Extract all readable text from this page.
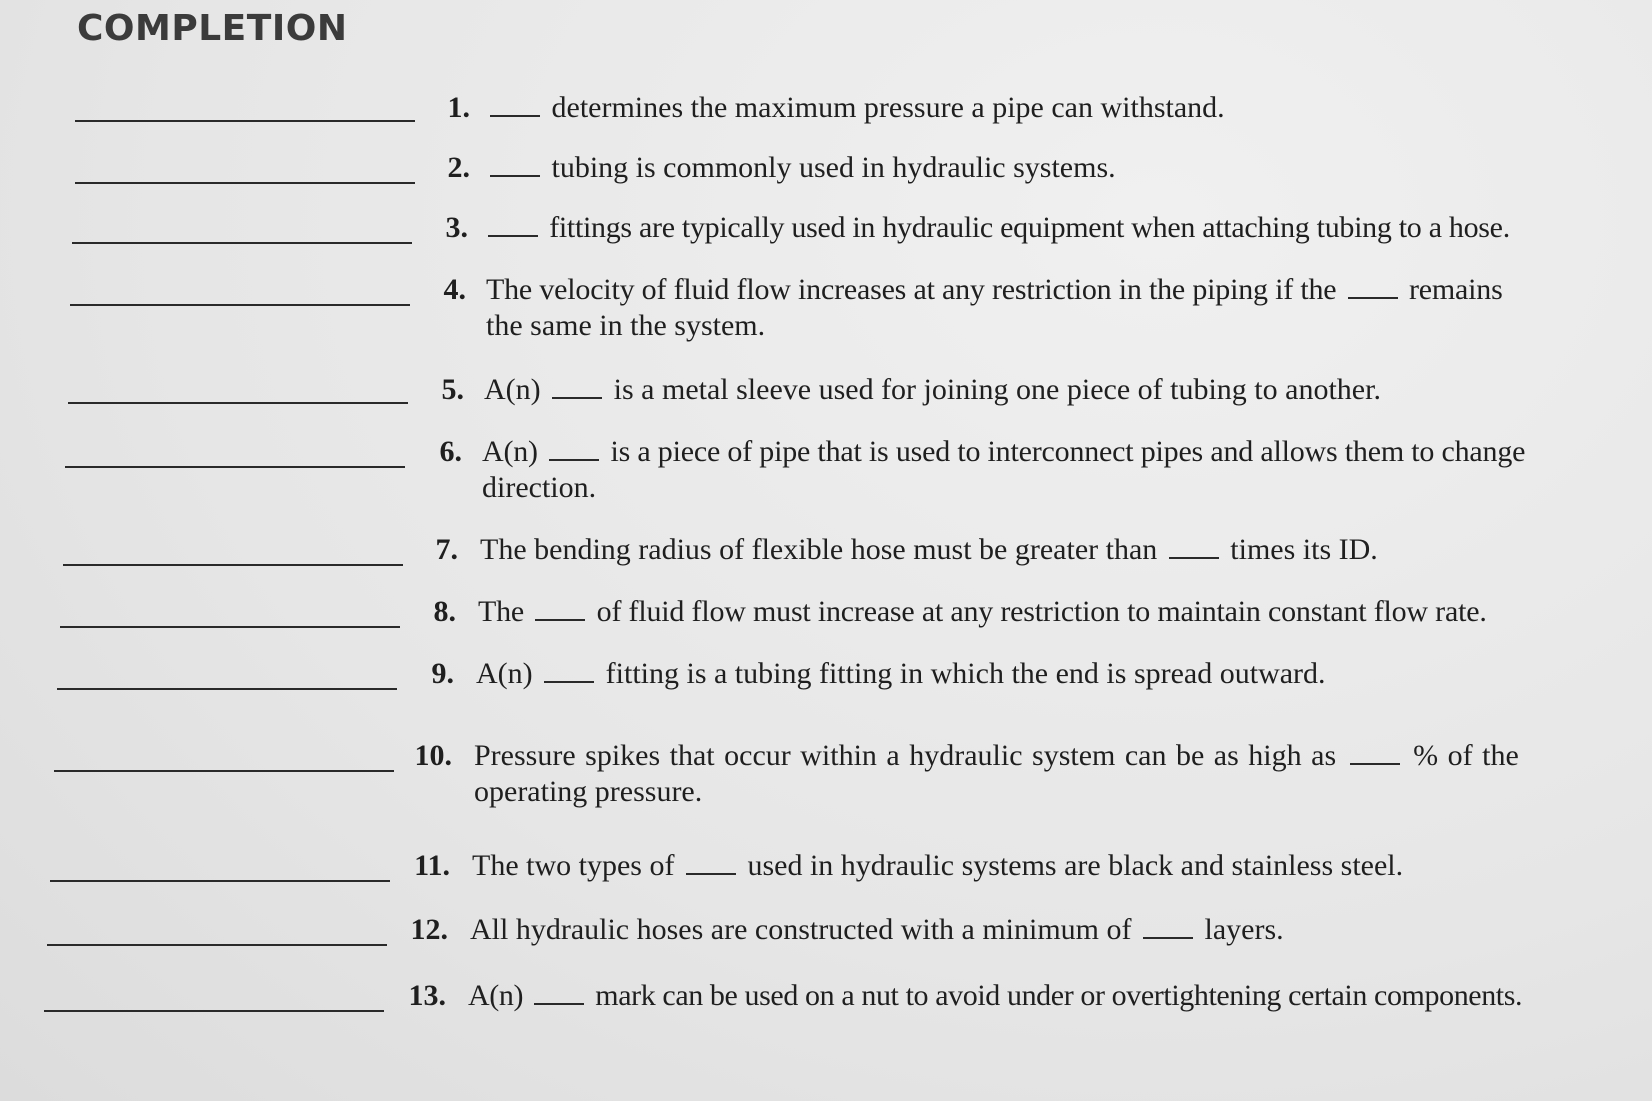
COMPLETION
1.	determines the maximum pressure a pipe can withstand.
2.	tubing is commonly used in hydraulic systems.
3.	fittings are typically used in hydraulic equipment when attaching tubing to a hose.
4. The velocity of fluid flow increases at any restriction in the piping if the remains
the same in the system.
5. A(n) is a metal sleeve used for joining one piece of tubing to another.
6. A(n) is a piece of pipe that is used to interconnect pipes and allows them to change
direction.
7. The bending radius of flexible hose must be greater than times its ID.
8. The of fluid flow must increase at any restriction to maintain constant flow rate.
9. A(n) fitting is a tubing fitting in which the end is spread outward.
10. Pressure spikes that occur within a hydraulic system can be as high as	% of the
operating pressure.
11. The two types of used in hydraulic systems are black and stainless steel.
12. All hydraulic hoses are constructed with a minimum of layers.
13. A(n) mark can be used on a nut to avoid under or overtightening certain components.
